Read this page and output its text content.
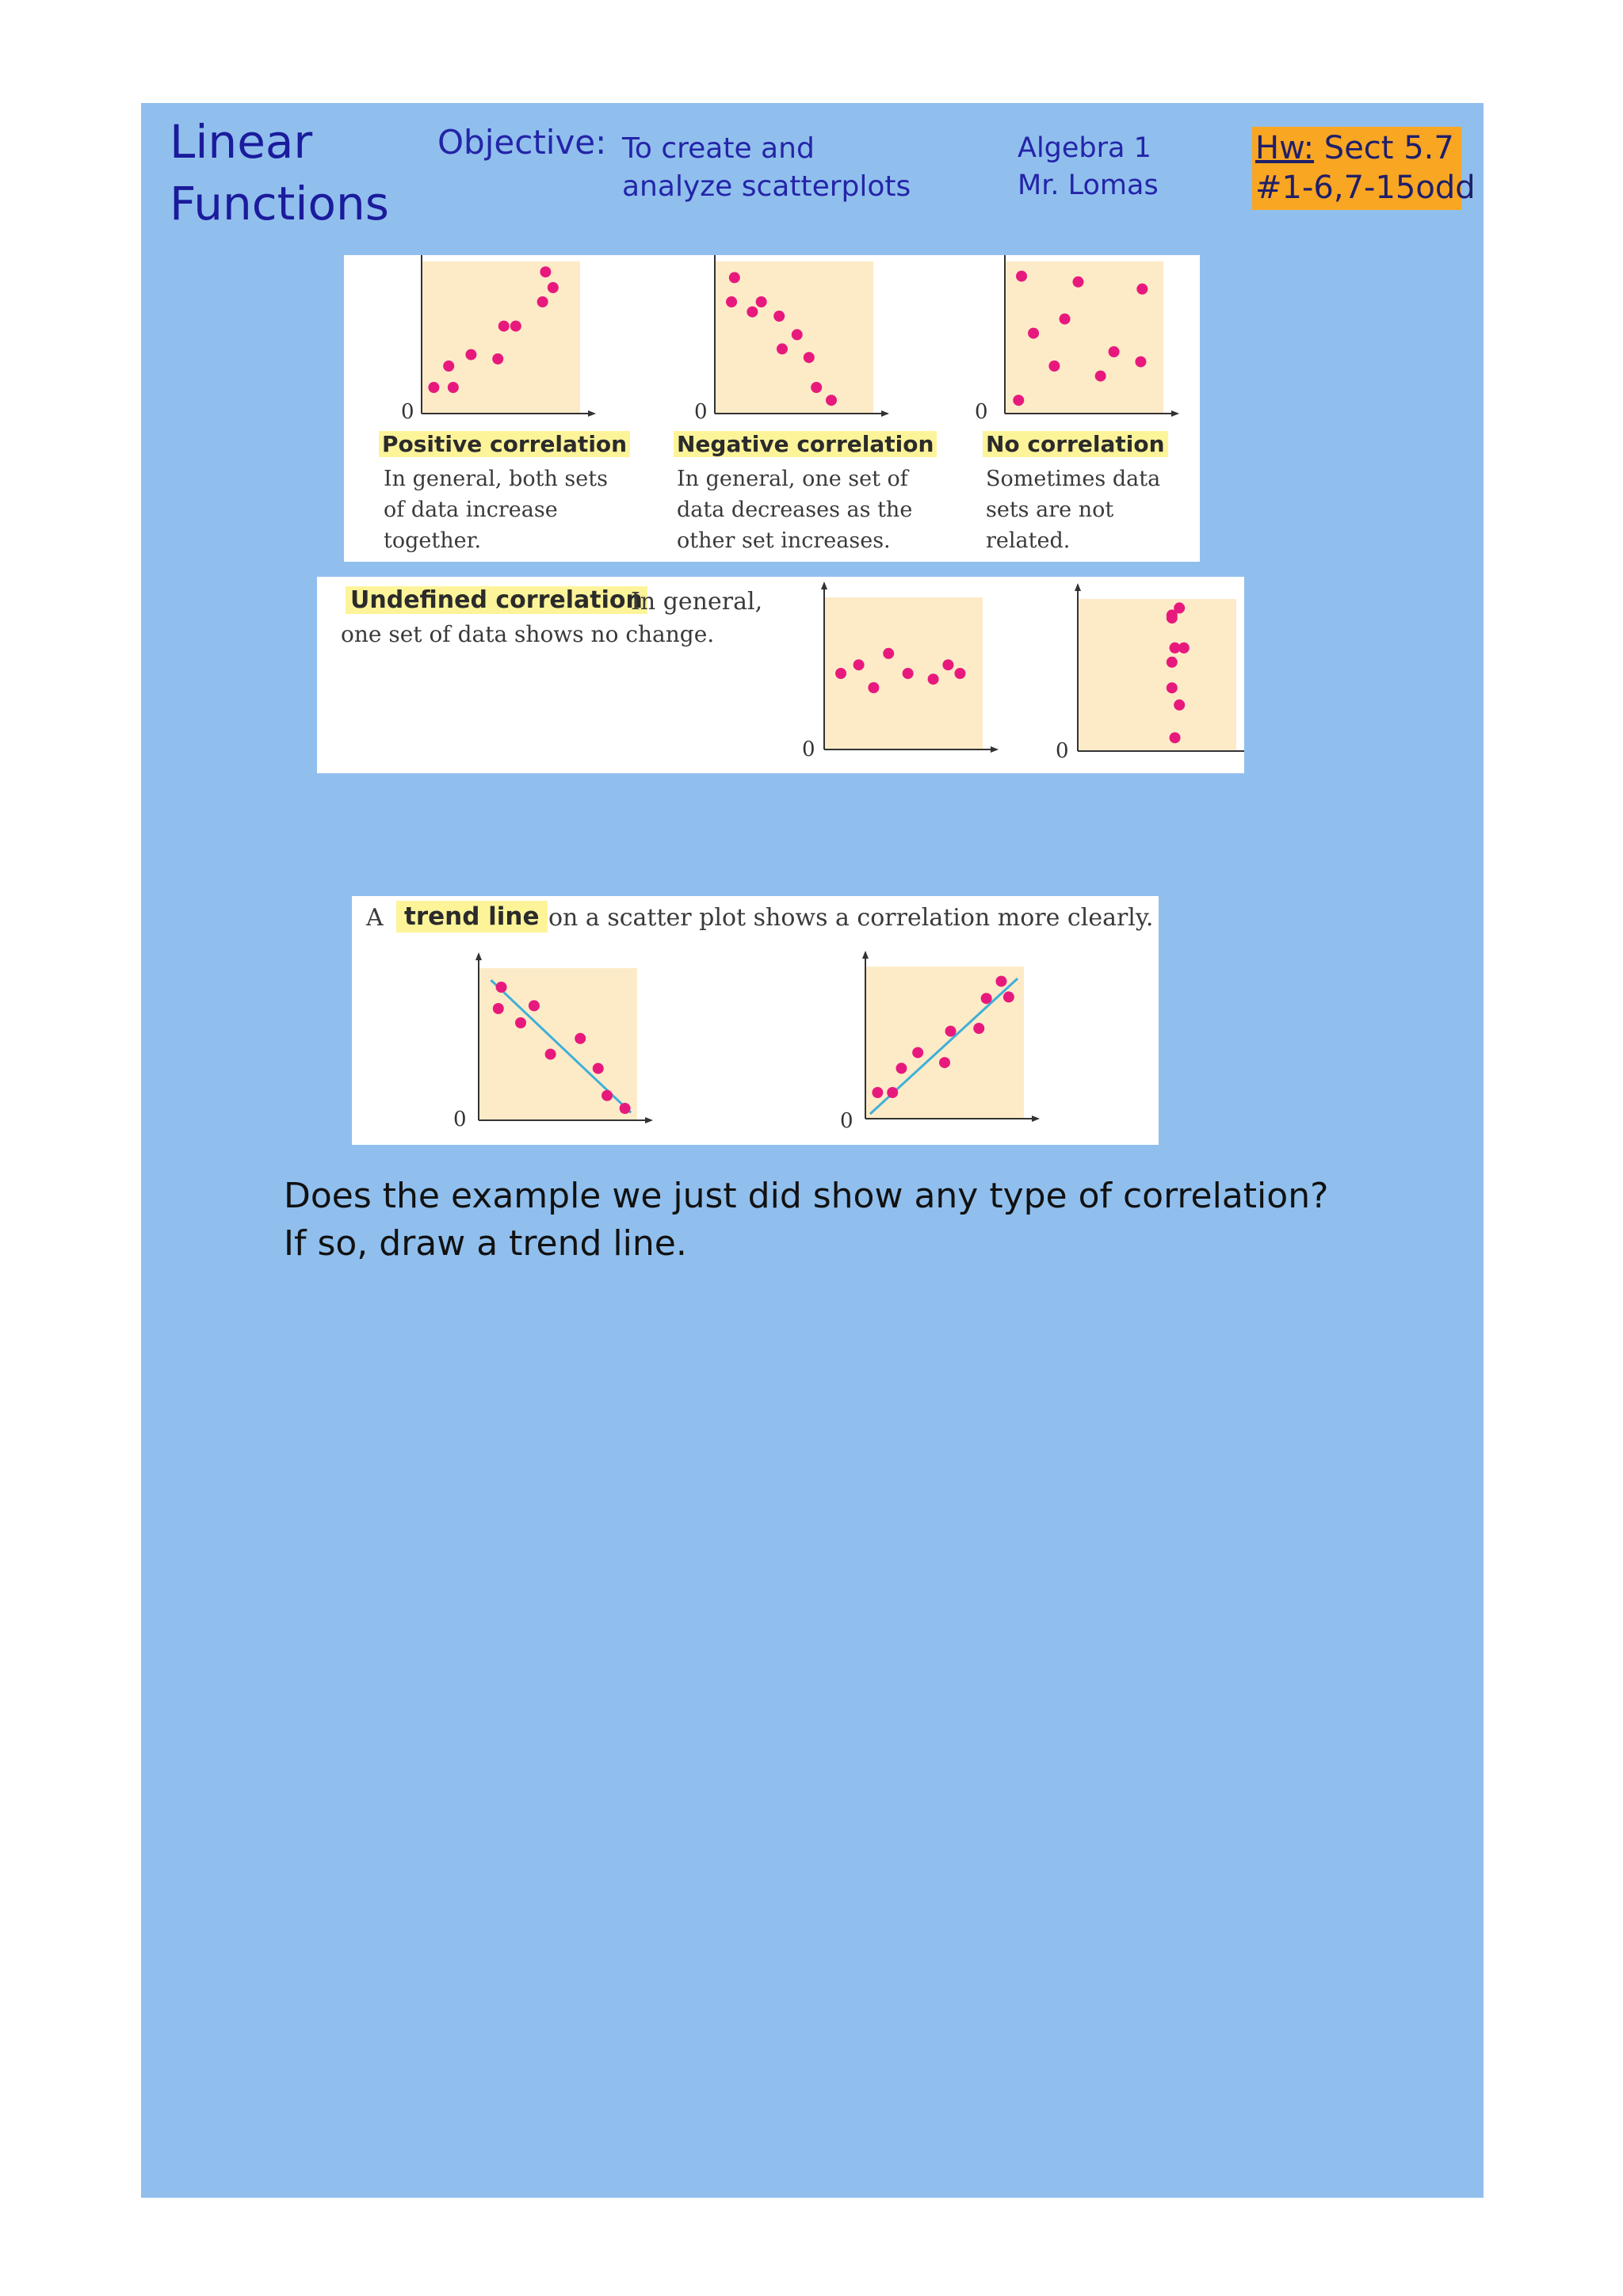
Linear
Functions
Objective: To create and
analyze scatterplots
Algebra 1
Mr. Lomas
Hw: Sect 5.7
#1-6,7-15odd
0	0	0
Positive correlation
In general, both sets
of data increase
together.
Negative correlation
In general, one set of
data decreases as the
other set increases.
No correlation
Sometimes data
sets are not related.
0	0
Undefined correlation
In general,
one set of data shows no change.
0	0
A trend line on a scatter plot shows a correlation more clearly.
Does the example we just did show any type of correlation?
If so, draw a trend line.
